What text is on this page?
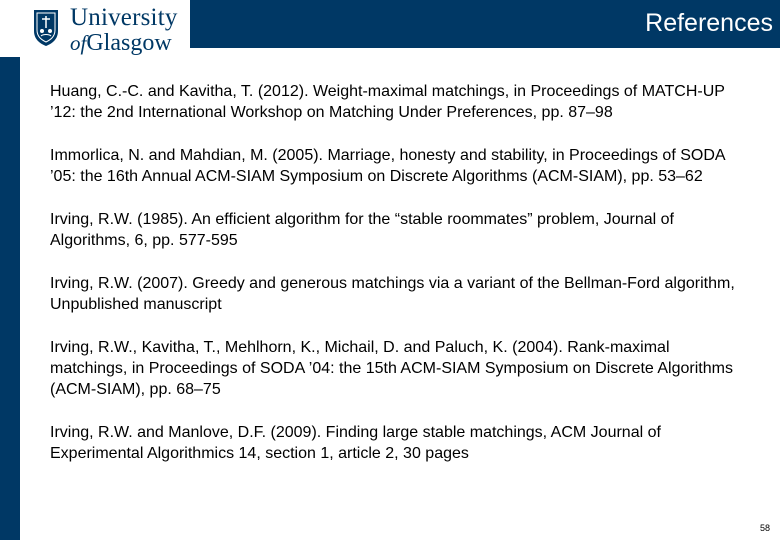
University
ofGlasgow
References

Huang, C.-C. and Kavitha, T. (2012). Weight-maximal matchings, in Proceedings of MATCH-UP ’12: the 2nd International Workshop on Matching Under Preferences, pp. 87–98

Immorlica, N. and Mahdian, M. (2005). Marriage, honesty and stability, in Proceedings of SODA ’05: the 16th Annual ACM-SIAM Symposium on Discrete Algorithms (ACM-SIAM), pp. 53–62

Irving, R.W. (1985). An efficient algorithm for the “stable roommates” problem, Journal of Algorithms, 6, pp. 577-595

Irving, R.W. (2007). Greedy and generous matchings via a variant of the Bellman-Ford algorithm, Unpublished manuscript

Irving, R.W., Kavitha, T., Mehlhorn, K., Michail, D. and Paluch, K. (2004). Rank-maximal matchings, in Proceedings of SODA ’04: the 15th ACM-SIAM Symposium on Discrete Algorithms (ACM-SIAM), pp. 68–75

Irving, R.W. and Manlove, D.F. (2009). Finding large stable matchings, ACM Journal of Experimental Algorithmics 14, section 1, article 2, 30 pages

58
